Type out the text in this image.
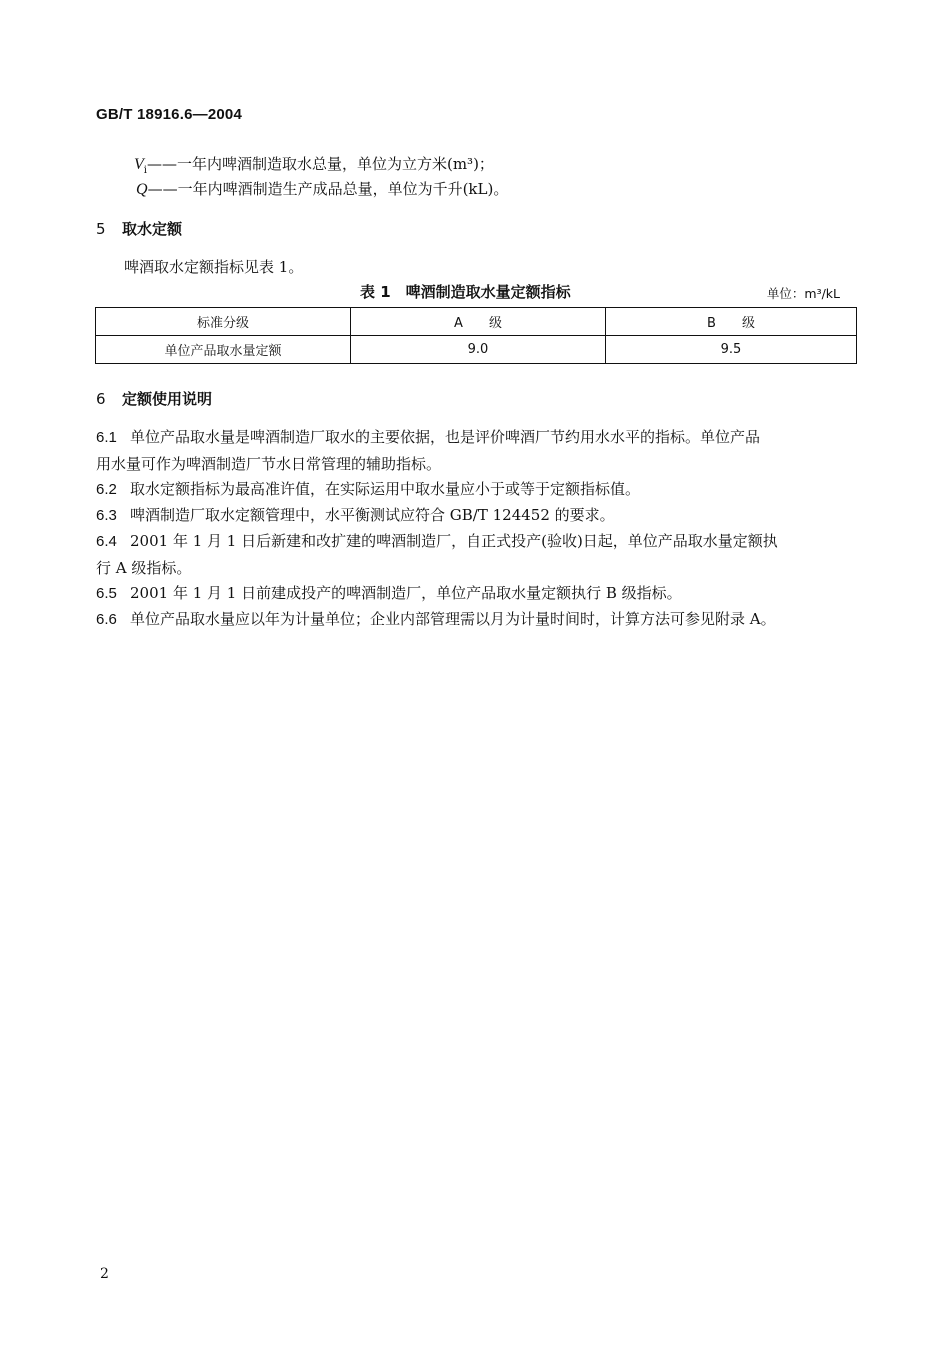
GB/T 18916.6—2004
$V_i——$一年内啤酒制造取水总量，单位为立方米(m³)；
Q——一年内啤酒制造生产成品总量，单位为千升(kL)。
5 取水定额
啤酒取水定额指标见表 1。
表 1　啤酒制造取水量定额指标	单位：m³/kL
标准分级	A　　级	B　　级
单位产品取水量定额	9.0	9.5
6 定额使用说明
6.1 单位产品取水量是啤酒制造厂取水的主要依据，也是评价啤酒厂节约用水水平的指标。单位产品
用水量可作为啤酒制造厂节水日常管理的辅助指标。
6.2 取水定额指标为最高准许值，在实际运用中取水量应小于或等于定额指标值。
6.3 啤酒制造厂取水定额管理中，水平衡测试应符合 GB/T 124452 的要求。
6.4 2001 年 1 月 1 日后新建和改扩建的啤酒制造厂，自正式投产(验收)日起，单位产品取水量定额执
行 A 级指标。
6.5 2001 年 1 月 1 日前建成投产的啤酒制造厂，单位产品取水量定额执行 B 级指标。
6.6 单位产品取水量应以年为计量单位；企业内部管理需以月为计量时间时，计算方法可参见附录 A。
2
